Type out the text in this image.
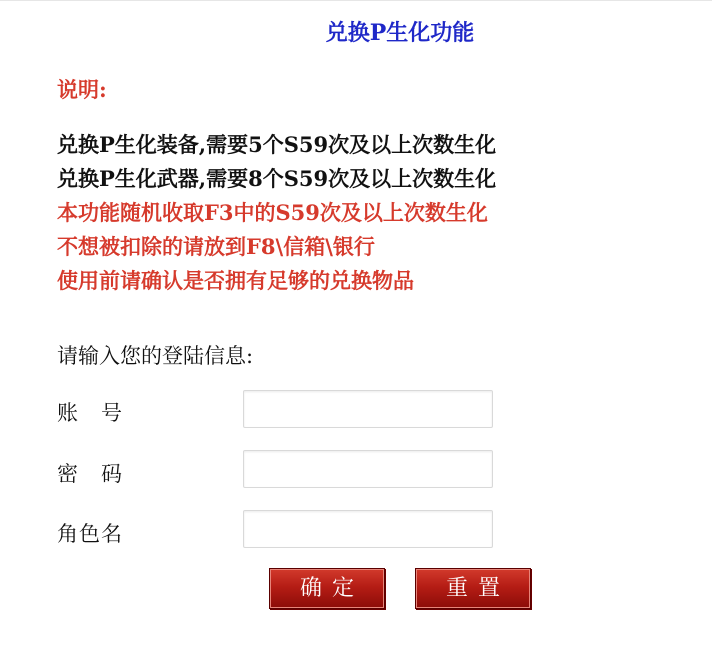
兑换P生化功能
说明:
兑换P生化装备,需要5个S59次及以上次数生化
兑换P生化武器,需要8个S59次及以上次数生化
本功能随机收取F3中的S59次及以上次数生化
不想被扣除的请放到F8\信箱\银行
使用前请确认是否拥有足够的兑换物品
请输入您的登陆信息:
账　号
密　码
角色名
确定	重置
